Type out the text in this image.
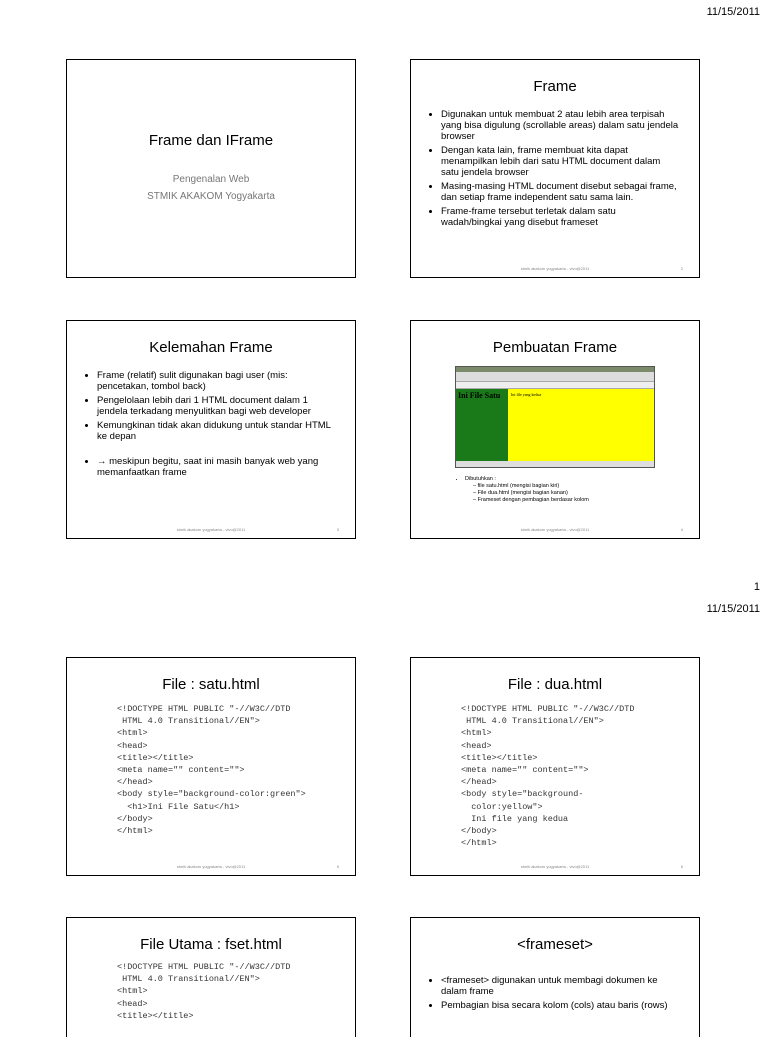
11/15/2011
Frame dan IFrame
Pengenalan Web
STMIK AKAKOM Yogyakarta
Frame
• Digunakan untuk membuat 2 atau lebih area terpisah yang bisa digulung (scrollable areas) dalam satu jendela browser
• Dengan kata lain, frame membuat kita dapat menampilkan lebih dari satu HTML document dalam satu jendela browser
• Masing-masing HTML document disebut sebagai frame, dan setiap frame independent satu sama lain.
• Frame-frame tersebut terletak dalam satu wadah/bingkai yang disebut frameset
stmik akakom yogyakarta - vivo@2011	2
Kelemahan Frame
• Frame (relatif) sulit digunakan bagi user (mis: pencetakan, tombol back)
• Pengelolaan lebih dari 1 HTML document dalam 1 jendela terkadang menyulitkan bagi web developer
• Kemungkinan tidak akan didukung untuk standar HTML ke depan
• → meskipun begitu, saat ini masih banyak web yang memanfaatkan frame
stmik akakom yogyakarta - vivo@2011	3
Pembuatan Frame
Ini File Satu	Ini file yang kedua
• Dibutuhkan :
– file satu.html (mengisi bagian kiri)
– File dua.html (mengisi bagian kanan)
– Frameset dengan pembagian berdasar kolom
stmik akakom yogyakarta - vivo@2011	4
1
11/15/2011
File : satu.html
<!DOCTYPE HTML PUBLIC "-//W3C//DTD
HTML 4.0 Transitional//EN">
<html>
<head>
<title></title>
<meta name="" content="">
</head>
<body style="background-color:green">
<h1>Ini File Satu</h1>
</body>
</html>
stmik akakom yogyakarta - vivo@2011	5
File : dua.html
<!DOCTYPE HTML PUBLIC "-//W3C//DTD
HTML 4.0 Transitional//EN">
<html>
<head>
<title></title>
<meta name="" content="">
</head>
<body style="background-
color:yellow">
Ini file yang kedua
</body>
</html>
stmik akakom yogyakarta - vivo@2011	6
File Utama : fset.html
<!DOCTYPE HTML PUBLIC "-//W3C//DTD
HTML 4.0 Transitional//EN">
<html>
<head>
<title></title>
<frameset>
• <frameset> digunakan untuk membagi dokumen ke dalam frame
• Pembagian bisa secara kolom (cols) atau baris (rows)
